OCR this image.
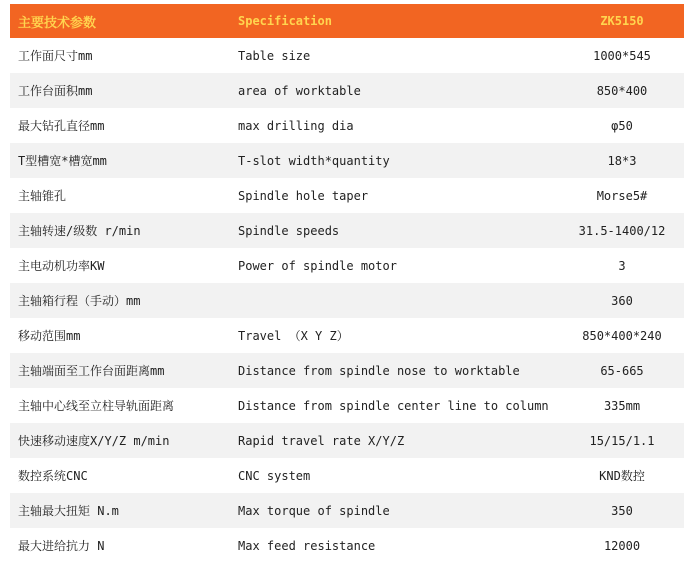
主要技术参数	Specification	ZK5150
工作面尺寸mm	Table size	1000*545
工作台面积mm	area of worktable	850*400
最大钻孔直径mm	max drilling dia	φ50
T型槽宽*槽宽mm	T-slot width*quantity	18*3
主轴锥孔	Spindle hole taper	Morse5#
主轴转速/级数 r/min	Spindle speeds	31.5-1400/12
主电动机功率KW	Power of spindle motor	3
主轴箱行程（手动）mm		360
移动范围mm	Travel （X Y Z）	850*400*240
主轴端面至工作台面距离mm	Distance from spindle nose to worktable	65-665
主轴中心线至立柱导轨面距离	Distance from spindle center line to column	335mm
快速移动速度X/Y/Z m/min	Rapid travel rate X/Y/Z	15/15/1.1
数控系统CNC	CNC system	KND数控
主轴最大扭矩 N.m	Max torque of spindle	350
最大进给抗力 N	Max feed resistance	12000
